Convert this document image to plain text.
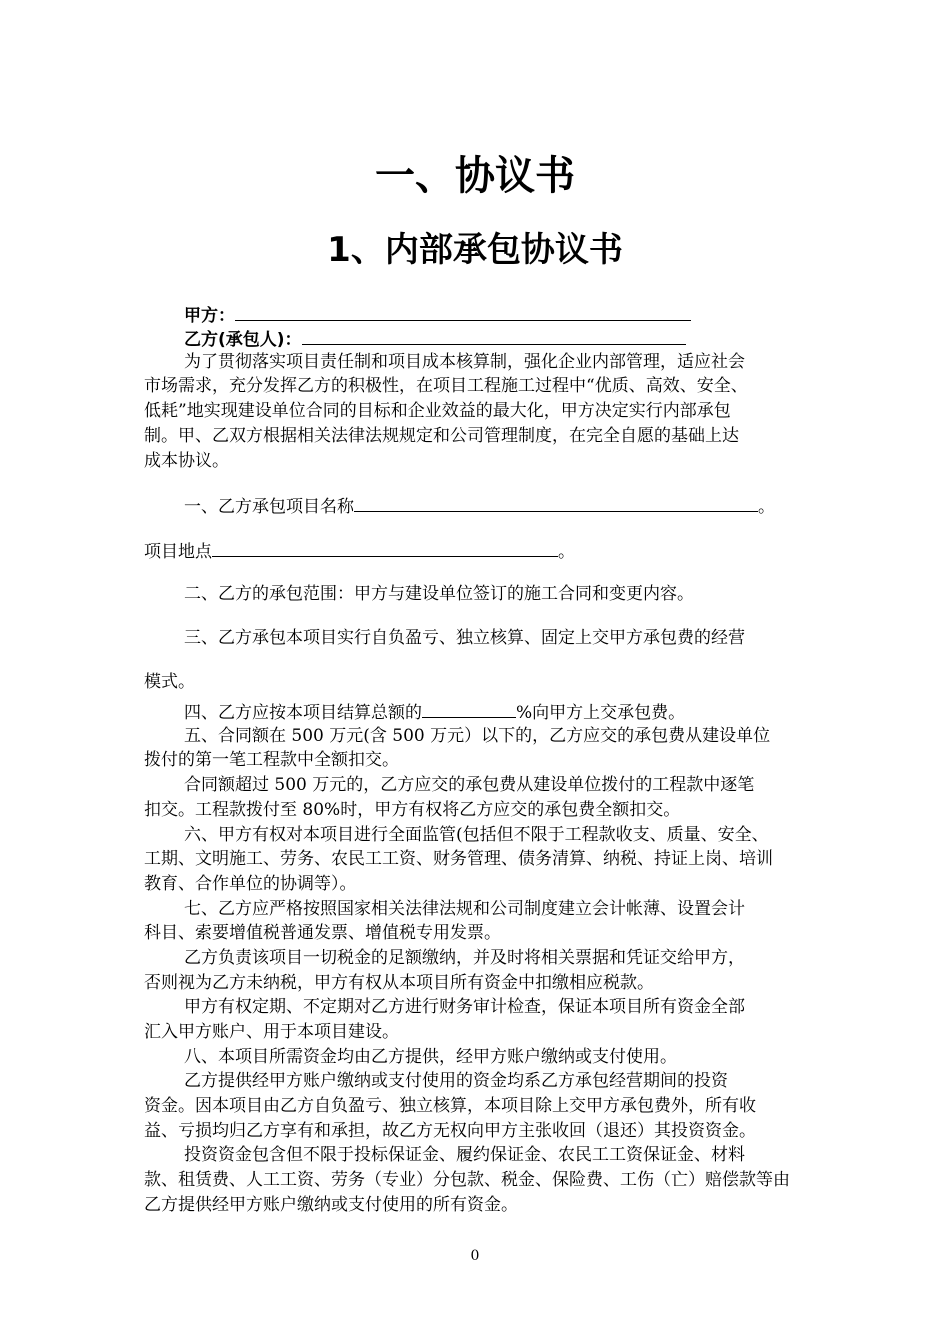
一、协议书
1、内部承包协议书
甲方：
乙方(承包人)：
为了贯彻落实项目责任制和项目成本核算制，强化企业内部管理，适应社会
市场需求，充分发挥乙方的积极性，在项目工程施工过程中“优质、高效、安全、
低耗”地实现建设单位合同的目标和企业效益的最大化，甲方决定实行内部承包
制。甲、乙双方根据相关法律法规规定和公司管理制度，在完全自愿的基础上达
成本协议。
一、乙方承包项目名称	。
项目地点	。
二、乙方的承包范围：甲方与建设单位签订的施工合同和变更内容。
三、乙方承包本项目实行自负盈亏、独立核算、固定上交甲方承包费的经营
模式。
四、乙方应按本项目结算总额的	%向甲方上交承包费。
五、合同额在 500 万元(含 500 万元）以下的，乙方应交的承包费从建设单位
拨付的第一笔工程款中全额扣交。
合同额超过 500 万元的，乙方应交的承包费从建设单位拨付的工程款中逐笔
扣交。工程款拨付至 80%时，甲方有权将乙方应交的承包费全额扣交。
六、甲方有权对本项目进行全面监管(包括但不限于工程款收支、质量、安全、
工期、文明施工、劳务、农民工工资、财务管理、债务清算、纳税、持证上岗、培训
教育、合作单位的协调等）。
七、乙方应严格按照国家相关法律法规和公司制度建立会计帐薄、设置会计
科目、索要增值税普通发票、增值税专用发票。
乙方负责该项目一切税金的足额缴纳，并及时将相关票据和凭证交给甲方，
否则视为乙方未纳税，甲方有权从本项目所有资金中扣缴相应税款。
甲方有权定期、不定期对乙方进行财务审计检查，保证本项目所有资金全部
汇入甲方账户、用于本项目建设。
八、本项目所需资金均由乙方提供，经甲方账户缴纳或支付使用。
乙方提供经甲方账户缴纳或支付使用的资金均系乙方承包经营期间的投资
资金。因本项目由乙方自负盈亏、独立核算，本项目除上交甲方承包费外，所有收
益、亏损均归乙方享有和承担，故乙方无权向甲方主张收回（退还）其投资资金。
投资资金包含但不限于投标保证金、履约保证金、农民工工资保证金、材料
款、租赁费、人工工资、劳务（专业）分包款、税金、保险费、工伤（亡）赔偿款等由
乙方提供经甲方账户缴纳或支付使用的所有资金。
0
